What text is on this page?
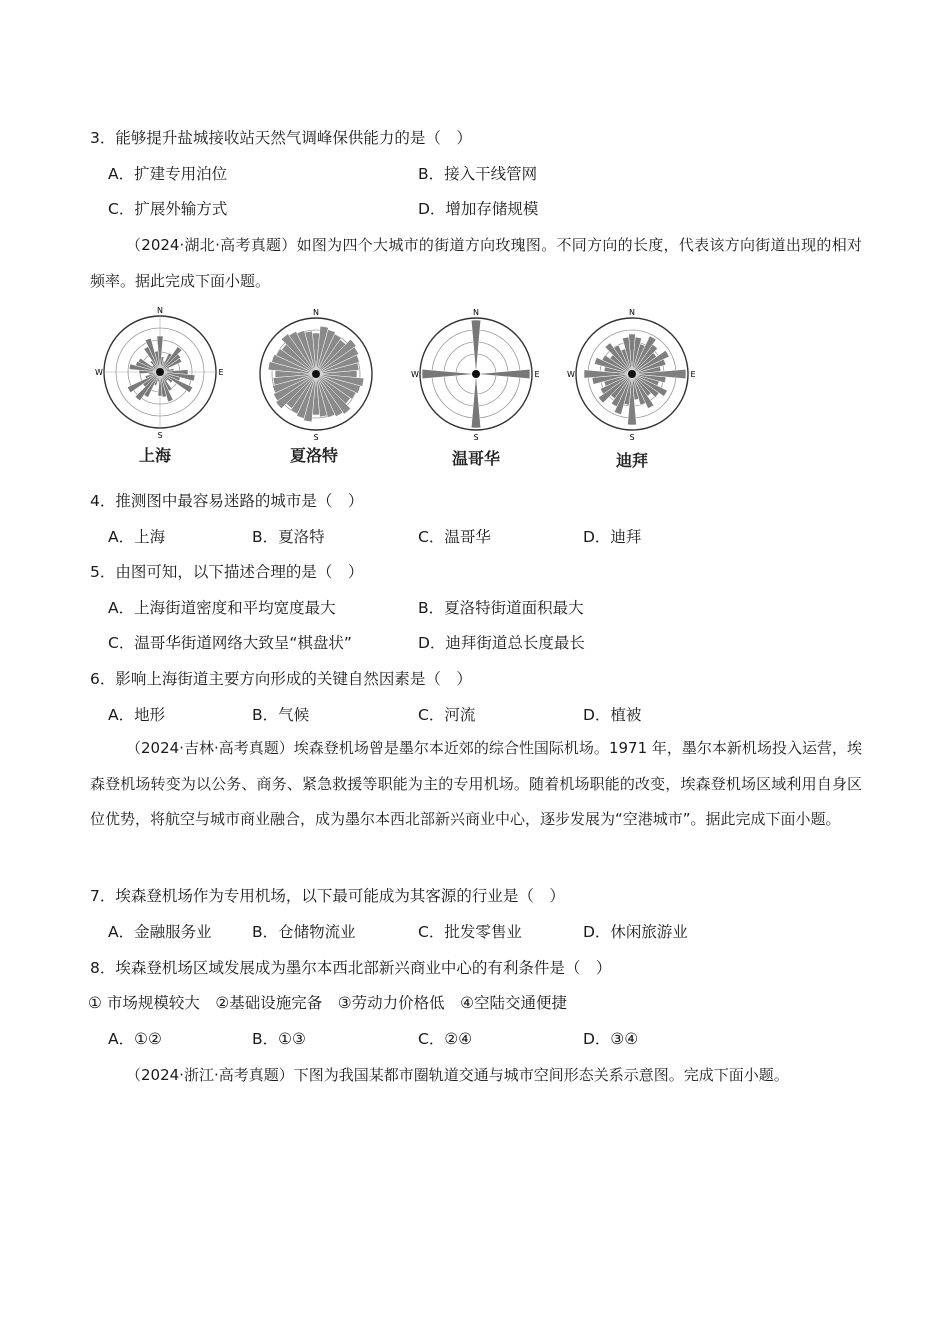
3．能够提升盐城接收站天然气调峰保供能力的是（　）
A．扩建专用泊位	B．接入干线管网
C．扩展外输方式	D．增加存储规模
（2024·湖北·高考真题）如图为四个大城市的街道方向玫瑰图。不同方向的长度，代表该方向街道出现的相对频率。据此完成下面小题。
N
S
E
W
上海
N
S
夏洛特
N
S
E
W
温哥华
N
S
E
W
迪拜
4．推测图中最容易迷路的城市是（　）
A．上海	B．夏洛特	C．温哥华	D．迪拜
5．由图可知，以下描述合理的是（　）
A．上海街道密度和平均宽度最大	B．夏洛特街道面积最大
C．温哥华街道网络大致呈“棋盘状”	D．迪拜街道总长度最长
6．影响上海街道主要方向形成的关键自然因素是（　）
A．地形	B．气候	C．河流	D．植被
（2024·吉林·高考真题）埃森登机场曾是墨尔本近郊的综合性国际机场。1971 年，墨尔本新机场投入运营，埃森登机场转变为以公务、商务、紧急救援等职能为主的专用机场。随着机场职能的改变，埃森登机场区域利用自身区位优势，将航空与城市商业融合，成为墨尔本西北部新兴商业中心，逐步发展为“空港城市”。据此完成下面小题。
7．埃森登机场作为专用机场，以下最可能成为其客源的行业是（　）
A．金融服务业	B．仓储物流业	C．批发零售业	D．休闲旅游业
8．埃森登机场区域发展成为墨尔本西北部新兴商业中心的有利条件是（　）
① 市场规模较大　②基础设施完备　③劳动力价格低　④空陆交通便捷
A．①②	B．①③	C．②④	D．③④
（2024·浙江·高考真题）下图为我国某都市圈轨道交通与城市空间形态关系示意图。完成下面小题。
